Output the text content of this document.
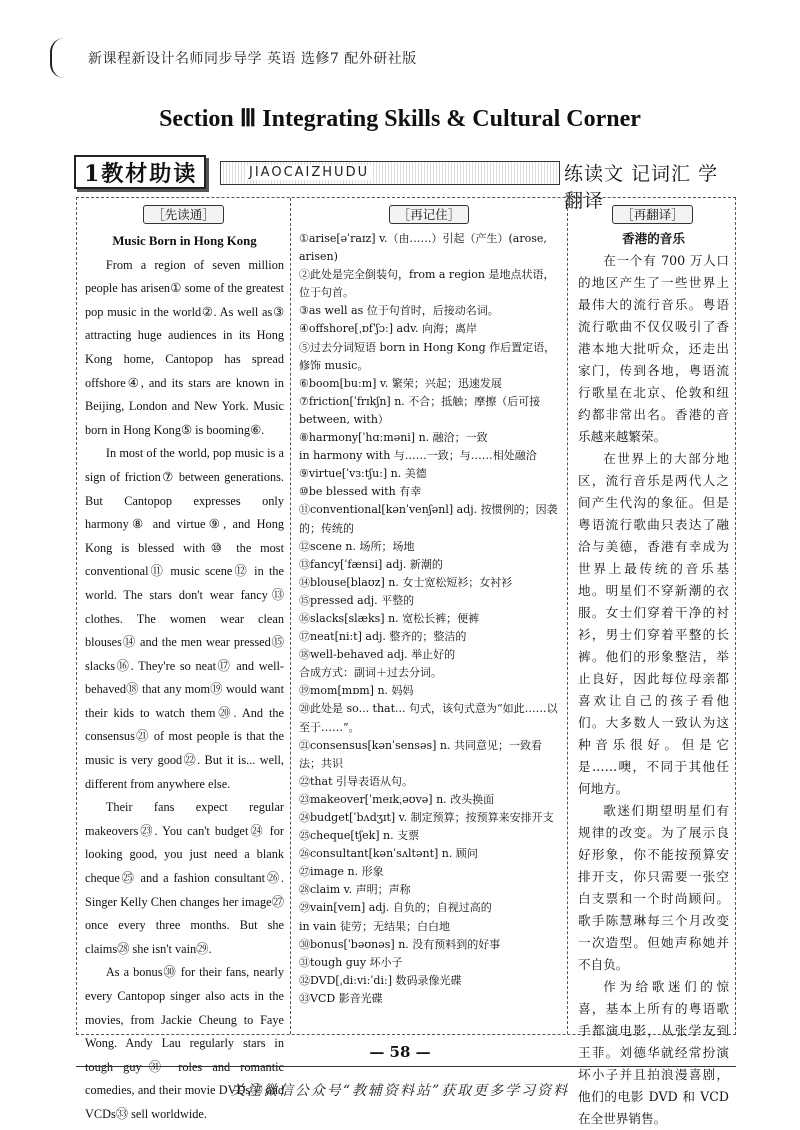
新课程新设计名师同步导学 英语 选修7 配外研社版
Section Ⅲ Integrating Skills & Cultural Corner
1教材助读	JIAOCAIZHUDU	练读文 记词汇 学翻译
［先读通］
Music Born in Hong Kong

From a region of seven million people has arisen① some of the greatest pop music in the world②. As well as③ attracting huge audiences in its Hong Kong home, Cantopop has spread offshore④, and its stars are known in Beijing, London and New York. Music born in Hong Kong⑤ is booming⑥.

In most of the world, pop music is a sign of friction⑦ between generations. But Cantopop expresses only harmony⑧ and virtue⑨, and Hong Kong is blessed with⑩ the most conventional⑪ music scene⑫ in the world. The stars don't wear fancy⑬ clothes. The women wear clean blouses⑭ and the men wear pressed⑮ slacks⑯. They're so neat⑰ and well-behaved⑱ that any mom⑲ would want their kids to watch them⑳. And the consensus㉑ of most people is that the music is very good㉒. But it is... well, different from anywhere else.

Their fans expect regular makeovers㉓. You can't budget㉔ for looking good, you just need a blank cheque㉕ and a fashion consultant㉖. Singer Kelly Chen changes her image㉗ once every three months. But she claims㉘ she isn't vain㉙.

As a bonus㉚ for their fans, nearly every Cantopop singer also acts in the movies, from Jackie Cheung to Faye Wong. Andy Lau regularly stars in tough guy㉛ roles and romantic comedies, and their movie DVDs㉜ and VCDs㉝ sell worldwide.

［再记住］
①arise[əˈraɪz] v.（由……）引起（产生）(arose, arisen)
②此处是完全倒装句，from a region 是地点状语，位于句首。
③as well as 位于句首时，后接动名词。
④offshore[ˌɒfˈʃɔː] adv. 向海；离岸
⑤过去分词短语 born in Hong Kong 作后置定语，修饰 music。
⑥boom[buːm] v. 繁荣；兴起；迅速发展
⑦friction[ˈfrɪkʃn] n. 不合；抵触；摩擦（后可接 between, with）
⑧harmony[ˈhɑːməni] n. 融洽；一致
in harmony with 与……一致；与……相处融洽
⑨virtue[ˈvɜːtʃuː] n. 美德
⑩be blessed with 有幸
⑪conventional[kənˈvenʃənl] adj. 按惯例的；因袭的；传统的
⑫scene n. 场所；场地
⑬fancy[ˈfænsi] adj. 新潮的
⑭blouse[blaʊz] n. 女士宽松短衫；女衬衫
⑮pressed adj. 平整的
⑯slacks[slæks] n. 宽松长裤；便裤
⑰neat[niːt] adj. 整齐的；整洁的
⑱well-behaved adj. 举止好的
合成方式：副词＋过去分词。
⑲mom[mɒm] n. 妈妈
⑳此处是 so... that... 句式，该句式意为“如此……以至于……”。
㉑consensus[kənˈsensəs] n. 共同意见；一致看法；共识
㉒that 引导表语从句。
㉓makeover[ˈmeɪkˌəʊvə] n. 改头换面
㉔budget[ˈbʌdʒɪt] v. 制定预算；按预算来安排开支
㉕cheque[tʃek] n. 支票
㉖consultant[kənˈsʌltənt] n. 顾问
㉗image n. 形象
㉘claim v. 声明；声称
㉙vain[veɪn] adj. 自负的；自视过高的
in vain 徒劳；无结果；白白地
㉚bonus[ˈbəʊnəs] n. 没有预料到的好事
㉛tough guy 坏小子
㉜DVD[ˌdiːviːˈdiː] 数码录像光碟
㉝VCD 影音光碟
［再翻译］
香港的音乐

在一个有 700 万人口的地区产生了一些世界上最伟大的流行音乐。粤语流行歌曲不仅仅吸引了香港本地大批听众，还走出家门，传到各地，粤语流行歌星在北京、伦敦和纽约都非常出名。香港的音乐越来越繁荣。

在世界上的大部分地区，流行音乐是两代人之间产生代沟的象征。但是粤语流行歌曲只表达了融洽与美德，香港有幸成为世界上最传统的音乐基地。明星们不穿新潮的衣服。女士们穿着干净的衬衫，男士们穿着平整的长裤。他们的形象整洁，举止良好，因此每位母亲都喜欢让自己的孩子看他们。大多数人一致认为这种音乐很好。但是它是……噢，不同于其他任何地方。

歌迷们期望明星们有规律的改变。为了展示良好形象，你不能按预算安排开支，你只需要一张空白支票和一个时尚顾问。歌手陈慧琳每三个月改变一次造型。但她声称她并不自负。

作为给歌迷们的惊喜，基本上所有的粤语歌手都演电影，从张学友到王菲。刘德华就经常扮演坏小子并且拍浪漫喜剧，他们的电影 DVD 和 VCD 在全世界销售。

— 58 —
关注微信公众号“教辅资料站”获取更多学习资料
